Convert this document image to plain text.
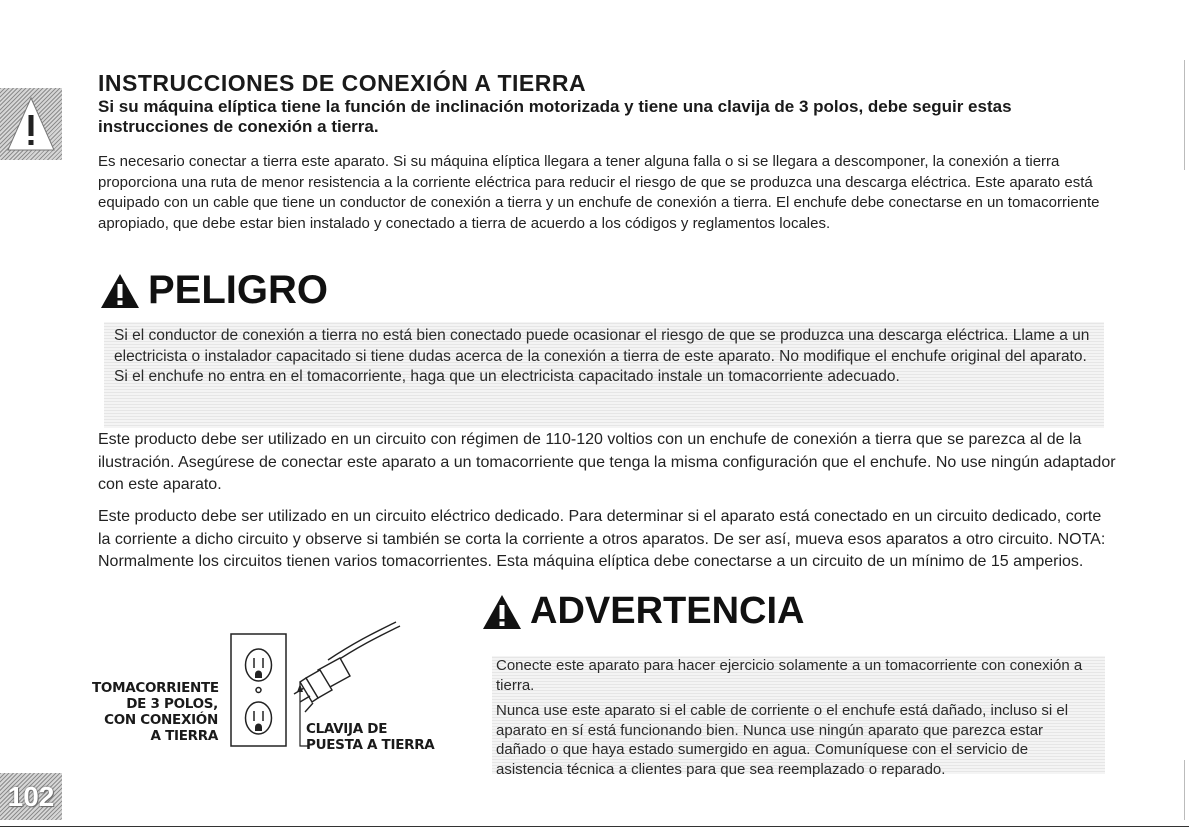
102
INSTRUCCIONES DE CONEXIÓN A TIERRA

Si su máquina elíptica tiene la función de inclinación motorizada y tiene una clavija de 3 polos, debe seguir estas instrucciones de conexión a tierra.

Es necesario conectar a tierra este aparato. Si su máquina elíptica llegara a tener alguna falla o si se llegara a descomponer, la conexión a tierra proporciona una ruta de menor resistencia a la corriente eléctrica para reducir el riesgo de que se produzca una descarga eléctrica. Este aparato está equipado con un cable que tiene un conductor de conexión a tierra y un enchufe de conexión a tierra. El enchufe debe conectarse en un tomacorriente apropiado, que debe estar bien instalado y conectado a tierra de acuerdo a los códigos y reglamentos locales.

PELIGRO

Si el conductor de conexión a tierra no está bien conectado puede ocasionar el riesgo de que se produzca una descarga eléctrica. Llame a un electricista o instalador capacitado si tiene dudas acerca de la conexión a tierra de este aparato. No modifique el enchufe original del aparato. Si el enchufe no entra en el tomacorriente, haga que un electricista capacitado instale un tomacorriente adecuado.

Este producto debe ser utilizado en un circuito con régimen de 110-120 voltios con un enchufe de conexión a tierra que se parezca al de la ilustración. Asegúrese de conectar este aparato a un tomacorriente que tenga la misma configuración que el enchufe. No use ningún adaptador con este aparato.

Este producto debe ser utilizado en un circuito eléctrico dedicado. Para determinar si el aparato está conectado en un circuito dedicado, corte la corriente a dicho circuito y observe si también se corta la corriente a otros aparatos. De ser así, mueva esos aparatos a otro circuito. NOTA: Normalmente los circuitos tienen varios tomacorrientes. Esta máquina elíptica debe conectarse a un circuito de un mínimo de 15 amperios.

TOMACORRIENTE
DE 3 POLOS,
CON CONEXIÓN
A TIERRA	CLAVIJA DE
PUESTA A TIERRA
ADVERTENCIA

Conecte este aparato para hacer ejercicio solamente a un tomacorriente con conexión a tierra.

Nunca use este aparato si el cable de corriente o el enchufe está dañado, incluso si el aparato en sí está funcionando bien. Nunca use ningún aparato que parezca estar dañado o que haya estado sumergido en agua. Comuníquese con el servicio de asistencia técnica a clientes para que sea reemplazado o reparado.
